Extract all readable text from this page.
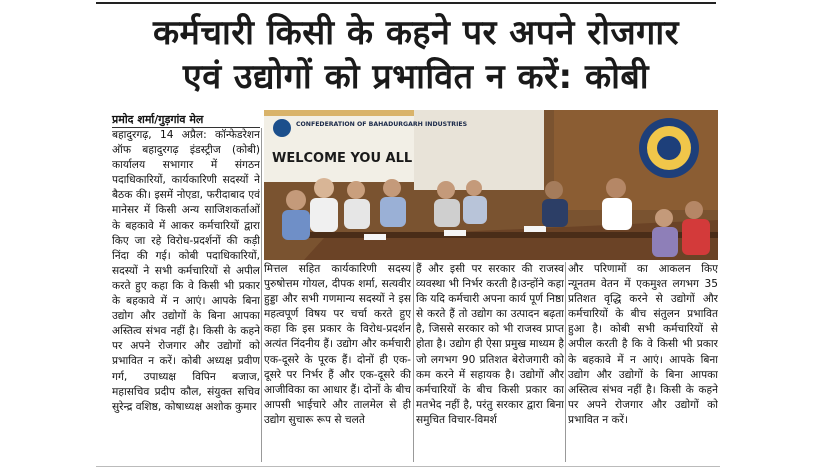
कर्मचारी किसी के कहने पर अपने रोजगार
एवं उद्योगों को प्रभावित न करें: कोबी
प्रमोद शर्मा/गुड़गांव मेल

बहादुरगढ़, 14 अप्रैल: कॉन्फेडरेशन ऑफ बहादुरगढ़ इंडस्ट्रीज (कोबी) कार्यालय सभागार में संगठन पदाधिकारियों, कार्यकारिणी सदस्यों ने बैठक की। इसमें नोएडा, फरीदाबाद एवं मानेसर में किसी अन्य साजिशकर्ताओं के बहकावे में आकर कर्मचारियों द्वारा किए जा रहे विरोध-प्रदर्शनों की कड़ी निंदा की गई। कोबी पदाधिकारियों, सदस्यों ने सभी कर्मचारियों से अपील करते हुए कहा कि वे किसी भी प्रकार के बहकावे में न आएं। आपके बिना उद्योग और उद्योगों के बिना आपका अस्तित्व संभव नहीं है। किसी के कहने पर अपने रोजगार और उद्योगों को प्रभावित न करें। कोबी अध्यक्ष प्रवीण गर्ग, उपाध्यक्ष विपिन बजाज, महासचिव प्रदीप कौल, संयुक्त सचिव सुरेन्द्र वशिष्ठ, कोषाध्यक्ष अशोक कुमार

CONFEDERATION OF BAHADURGARH INDUSTRIES
WELCOME YOU ALL

मित्तल सहित कार्यकारिणी सदस्य पुरुषोत्तम गोयल, दीपक शर्मा, सत्यवीर हुड्डा और सभी गणमान्य सदस्यों ने इस महत्वपूर्ण विषय पर चर्चा करते हुए कहा कि इस प्रकार के विरोध-प्रदर्शन अत्यंत निंदनीय हैं। उद्योग और कर्मचारी एक-दूसरे के पूरक हैं। दोनों ही एक-दूसरे पर निर्भर हैं और एक-दूसरे की आजीविका का आधार हैं। दोनों के बीच आपसी भाईचारे और तालमेल से ही उद्योग सुचारू रूप से चलते

हैं और इसी पर सरकार की राजस्व व्यवस्था भी निर्भर करती है।उन्होंने कहा कि यदि कर्मचारी अपना कार्य पूर्ण निष्ठा से करते हैं तो उद्योग का उत्पादन बढ़ता है, जिससे सरकार को भी राजस्व प्राप्त होता है। उद्योग ही ऐसा प्रमुख माध्यम है जो लगभग 90 प्रतिशत बेरोजगारी को कम करने में सहायक है। उद्योगों और कर्मचारियों के बीच किसी प्रकार का मतभेद नहीं है, परंतु सरकार द्वारा बिना समुचित विचार-विमर्श

और परिणामों का आकलन किए न्यूनतम वेतन में एकमुश्त लगभग 35 प्रतिशत वृद्धि करने से उद्योगों और कर्मचारियों के बीच संतुलन प्रभावित हुआ है। कोबी सभी कर्मचारियों से अपील करती है कि वे किसी भी प्रकार के बहकावे में न आएं। आपके बिना उद्योग और उद्योगों के बिना आपका अस्तित्व संभव नहीं है। किसी के कहने पर अपने रोजगार और उद्योगों को प्रभावित न करें।
